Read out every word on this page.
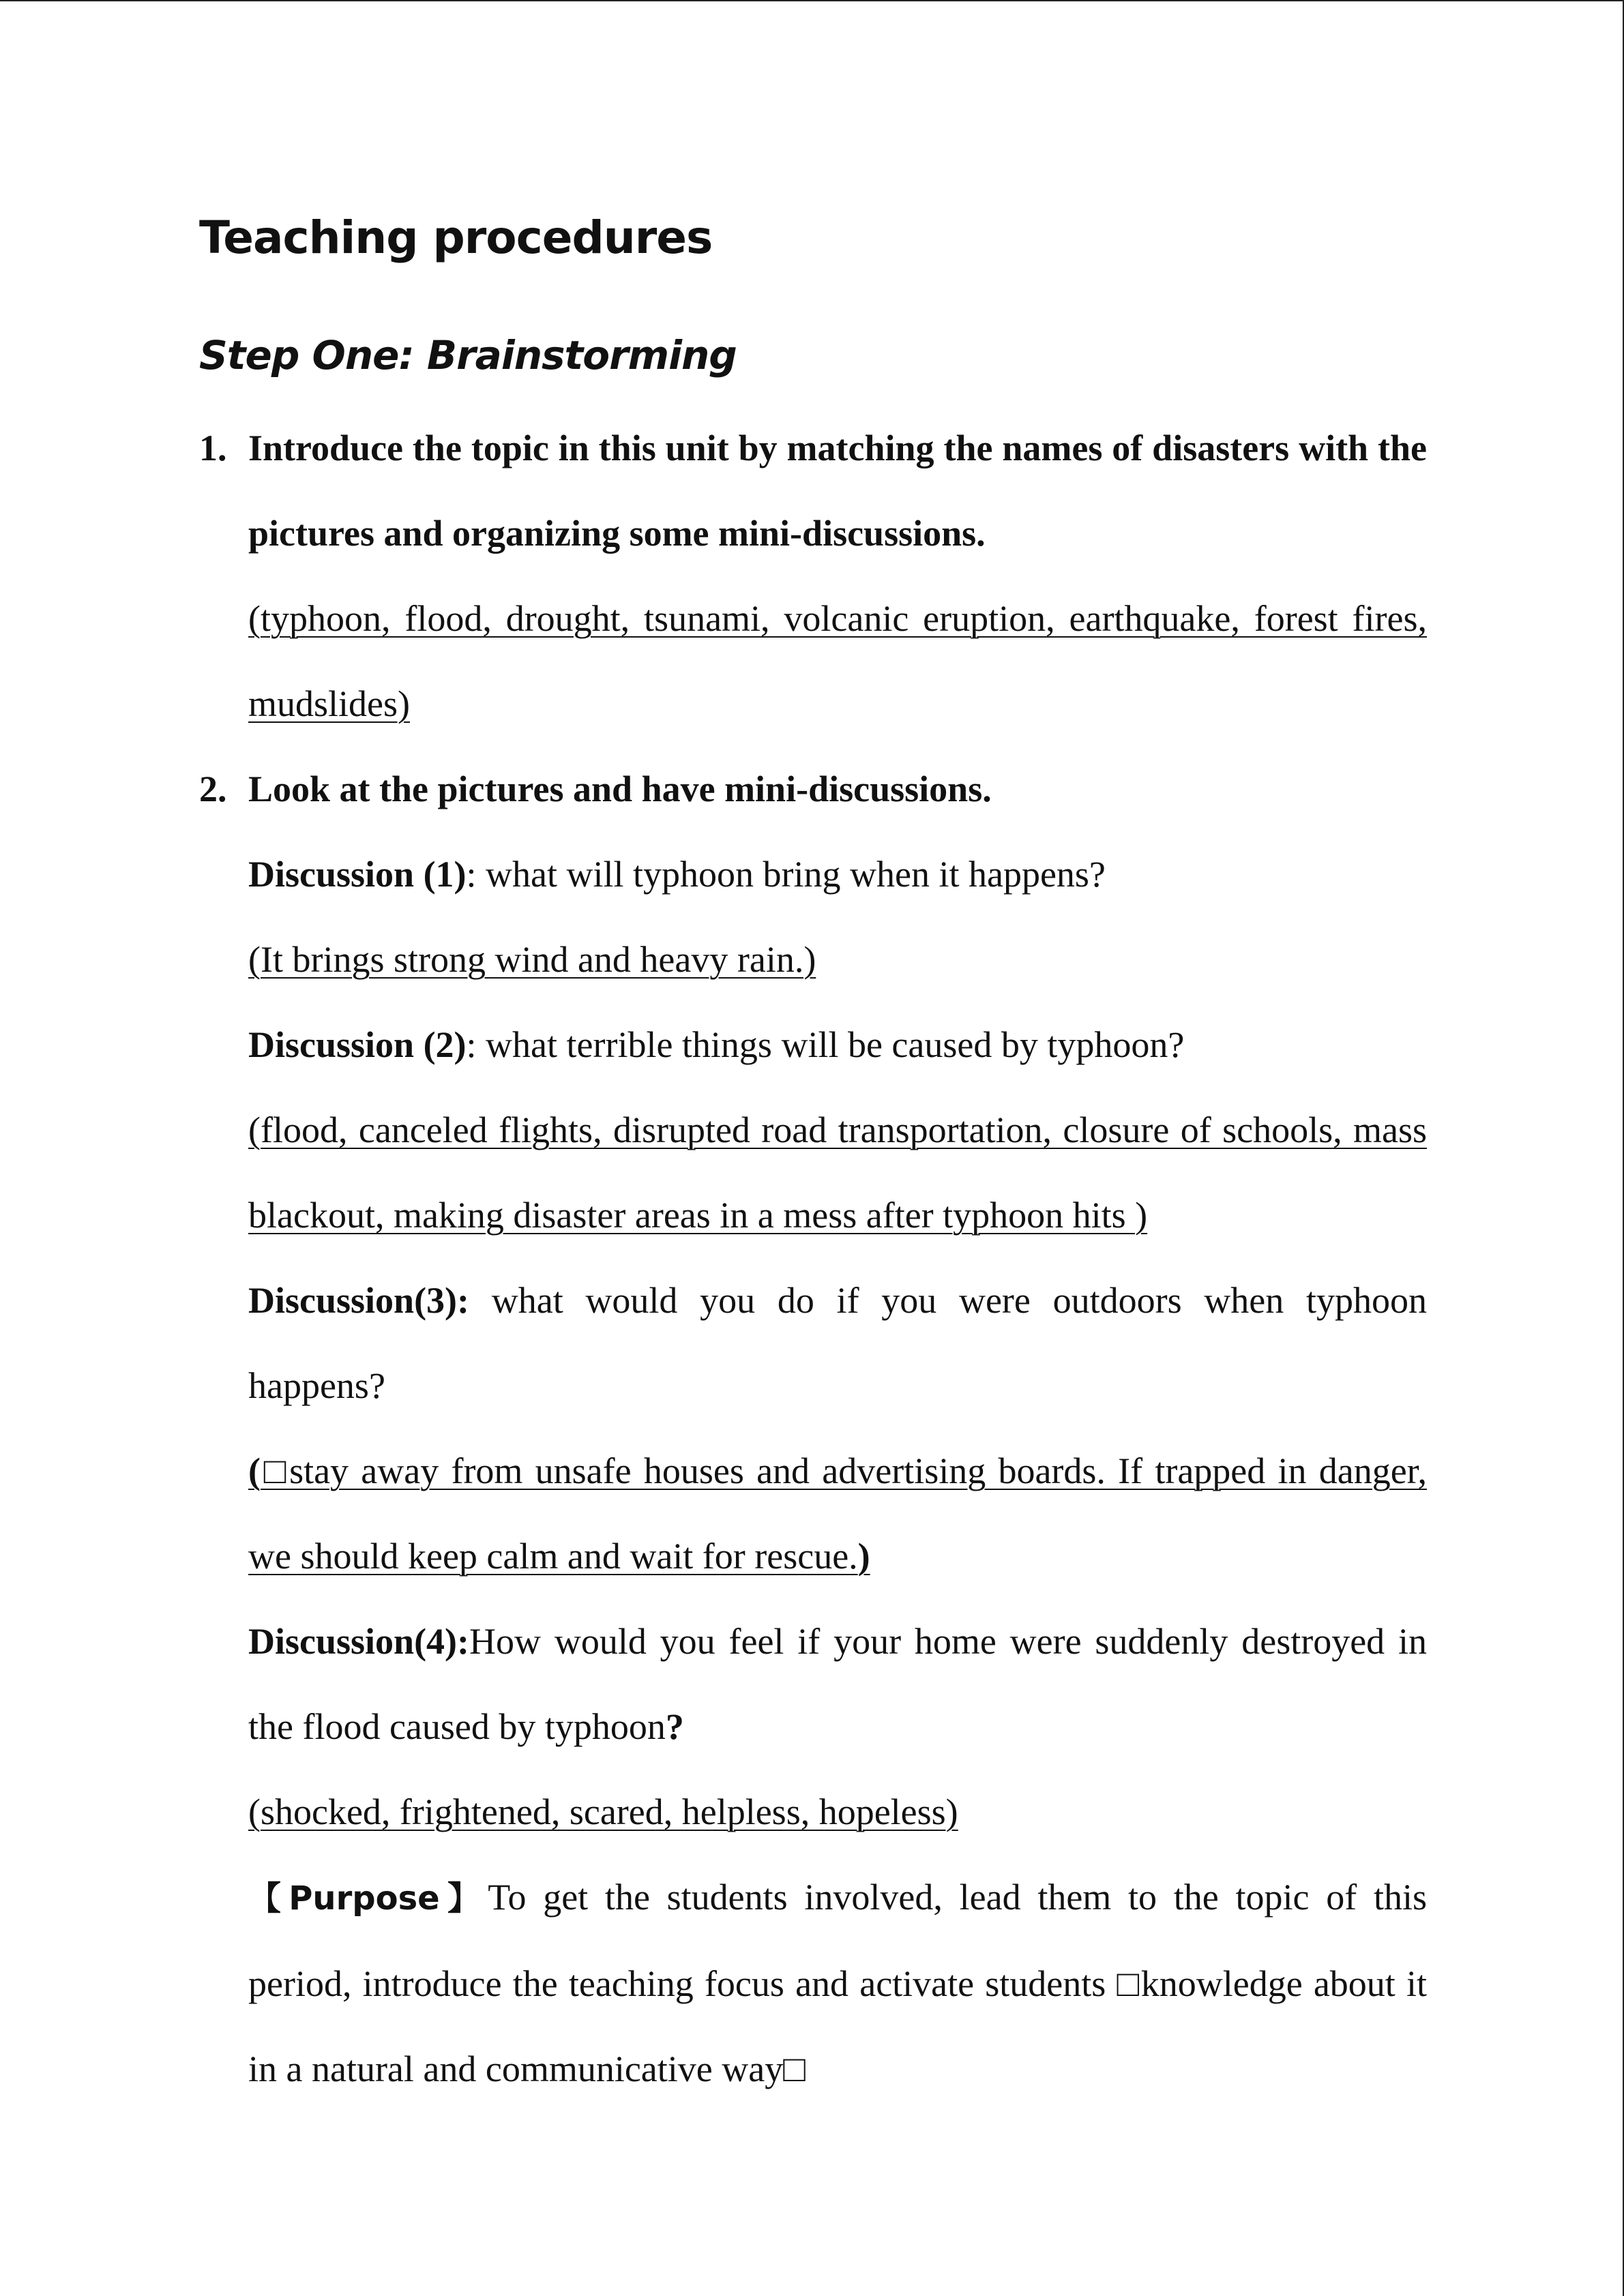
Teaching procedures
Step One: Brainstorming
1. Introduce the topic in this unit by matching the names of disasters with the pictures and organizing some mini-discussions.
(typhoon, flood, drought, tsunami, volcanic eruption, earthquake, forest fires, mudslides)
2. Look at the pictures and have mini-discussions.
Discussion (1): what will typhoon bring when it happens?
(It brings strong wind and heavy rain.)
Discussion (2): what terrible things will be caused by typhoon?
(flood, canceled flights, disrupted road transportation, closure of schools, mass blackout, making disaster areas in a mess after typhoon hits )
Discussion(3): what would you do if you were outdoors when typhoon happens?
(□stay away from unsafe houses and advertising boards. If trapped in danger, we should keep calm and wait for rescue.)
Discussion(4):How would you feel if your home were suddenly destroyed in the flood caused by typhoon?
(shocked, frightened, scared, helpless, hopeless)
【Purpose】To get the students involved, lead them to the topic of this period, introduce the teaching focus and activate students □knowledge about it in a natural and communicative way□
